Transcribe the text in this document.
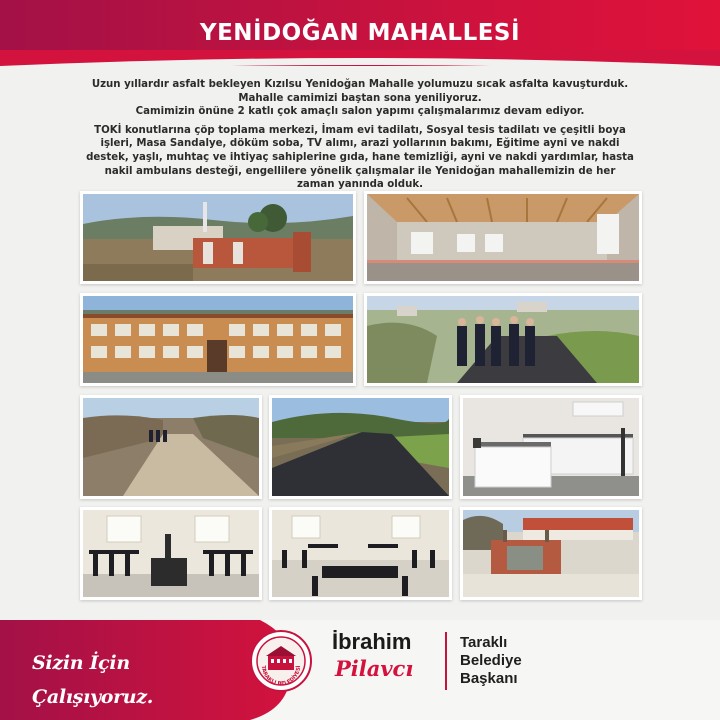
YENİDOĞAN MAHALLESİ

Uzun yıllardır asfalt bekleyen Kızılsu Yenidoğan Mahalle yolumuzu sıcak asfalta kavuşturduk.

Mahalle camimizi baştan sona yeniliyoruz.

Camimizin önüne 2 katlı çok amaçlı salon yapımı çalışmalarımız devam ediyor.

TOKİ konutlarına çöp toplama merkezi, İmam evi tadilatı, Sosyal tesis tadilatı ve çeşitli boya işleri, Masa Sandalye, döküm soba, TV alımı, arazi yollarının bakımı, Eğitime ayni ve nakdi destek, yaşlı, muhtaç ve ihtiyaç sahiplerine gıda, hane temizliği, ayni ve nakdi yardımlar, hasta nakil ambulans desteği, engellilere yönelik çalışmalar ile Yenidoğan mahallemizin de her zaman yanında olduk.

Sizin İçin Çalışıyoruz.
TARAKLI BELEDİYESİ
İbrahim
Pilavcı
Taraklı
Belediye
Başkanı
